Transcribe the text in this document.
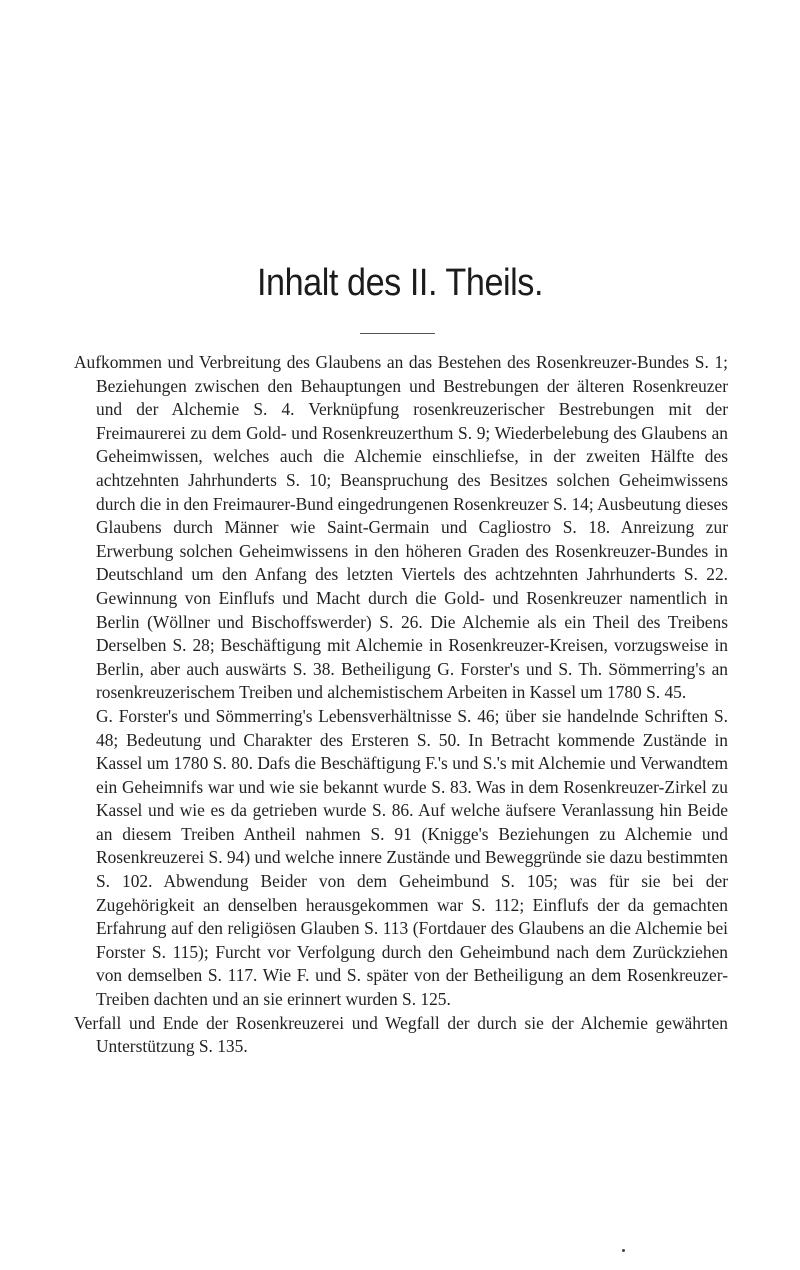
Inhalt des II. Theils.

Aufkommen und Verbreitung des Glaubens an das Bestehen des Rosenkreuzer-Bundes S. 1; Beziehungen zwischen den Behauptungen und Bestrebungen der älteren Rosenkreuzer und der Alchemie S. 4. Verknüpfung rosenkreuzerischer Bestrebungen mit der Freimaurerei zu dem Gold- und Rosenkreuzerthum S. 9; Wiederbelebung des Glaubens an Geheimwissen, welches auch die Alchemie einschliefse, in der zweiten Hälfte des achtzehnten Jahrhunderts S. 10; Beanspruchung des Besitzes solchen Geheimwissens durch die in den Freimaurer-Bund eingedrungenen Rosenkreuzer S. 14; Ausbeutung dieses Glaubens durch Männer wie Saint-Germain und Cagliostro S. 18. Anreizung zur Erwerbung solchen Geheimwissens in den höheren Graden des Rosenkreuzer-Bundes in Deutschland um den Anfang des letzten Viertels des achtzehnten Jahrhunderts S. 22. Gewinnung von Einflufs und Macht durch die Gold- und Rosenkreuzer namentlich in Berlin (Wöllner und Bischoffswerder) S. 26. Die Alchemie als ein Theil des Treibens Derselben S. 28; Beschäftigung mit Alchemie in Rosenkreuzer-Kreisen, vorzugsweise in Berlin, aber auch auswärts S. 38. Betheiligung G. Forster's und S. Th. Sömmerring's an rosenkreuzerischem Treiben und alchemistischem Arbeiten in Kassel um 1780 S. 45.

G. Forster's und Sömmerring's Lebensverhältnisse S. 46; über sie handelnde Schriften S. 48; Bedeutung und Charakter des Ersteren S. 50. In Betracht kommende Zustände in Kassel um 1780 S. 80. Dafs die Beschäftigung F.'s und S.'s mit Alchemie und Verwandtem ein Geheimnifs war und wie sie bekannt wurde S. 83. Was in dem Rosenkreuzer-Zirkel zu Kassel und wie es da getrieben wurde S. 86. Auf welche äufsere Veranlassung hin Beide an diesem Treiben Antheil nahmen S. 91 (Knigge's Beziehungen zu Alchemie und Rosenkreuzerei S. 94) und welche innere Zustände und Beweggründe sie dazu bestimmten S. 102. Abwendung Beider von dem Geheimbund S. 105; was für sie bei der Zugehörigkeit an denselben herausgekommen war S. 112; Einflufs der da gemachten Erfahrung auf den religiösen Glauben S. 113 (Fortdauer des Glaubens an die Alchemie bei Forster S. 115); Furcht vor Verfolgung durch den Geheimbund nach dem Zurückziehen von demselben S. 117. Wie F. und S. später von der Betheiligung an dem Rosenkreuzer-Treiben dachten und an sie erinnert wurden S. 125.

Verfall und Ende der Rosenkreuzerei und Wegfall der durch sie der Alchemie gewährten Unterstützung S. 135.
